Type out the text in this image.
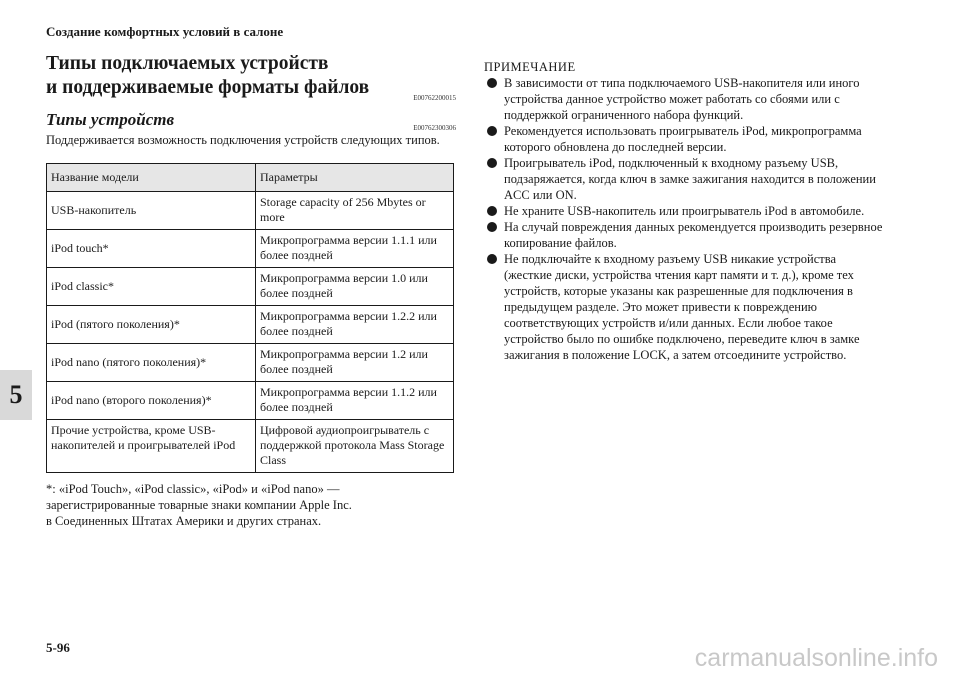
Создание комфортных условий в салоне
5
Типы подключаемых устройств
и поддерживаемые форматы файлов	E00762200015
Типы устройств	E00762300306

Поддерживается возможность подключения устройств следующих типов.

Название модели	Параметры
USB-накопитель	Storage capacity of 256 Mbytes or more
iPod touch*	Микропрограмма версии 1.1.1 или более поздней
iPod classic*	Микропрограмма версии 1.0 или более поздней
iPod (пятого поколения)*	Микропрограмма версии 1.2.2 или более поздней
iPod nano (пятого поколения)*	Микропрограмма версии 1.2 или более поздней
iPod nano (второго поколения)*	Микропрограмма версии 1.1.2 или более поздней
Прочие устройства, кроме USB-накопителей и проигрывателей iPod	Цифровой аудиопроигрыватель с поддержкой протокола Mass Storage Class
*: «iPod Touch», «iPod classic», «iPod» и «iPod nano» —
зарегистрированные товарные знаки компании Apple Inc.
в Соединенных Штатах Америки и других странах.
ПРИМЕЧАНИЕ
В зависимости от типа подключаемого USB-накопителя или иного устройства данное устройство может работать со сбоями или с поддержкой ограниченного набора функций.
Рекомендуется использовать проигрыватель iPod, микропрограмма которого обновлена до последней версии.
Проигрыватель iPod, подключенный к входному разъему USB, подзаряжается, когда ключ в замке зажигания находится в положении ACC или ON.
Не храните USB-накопитель или проигрыватель iPod в автомобиле.
На случай повреждения данных рекомендуется производить резервное копирование файлов.
Не подключайте к входному разъему USB никакие устройства (жесткие диски, устройства чтения карт памяти и т. д.), кроме тех устройств, которые указаны как разрешенные для подключения в предыдущем разделе. Это может привести к повреждению соответствующих устройств и/или данных. Если любое такое устройство было по ошибке подключено, переведите ключ в замке зажигания в положение LOCK, а затем отсоедините устройство.
5-96	carmanualsonline.info
